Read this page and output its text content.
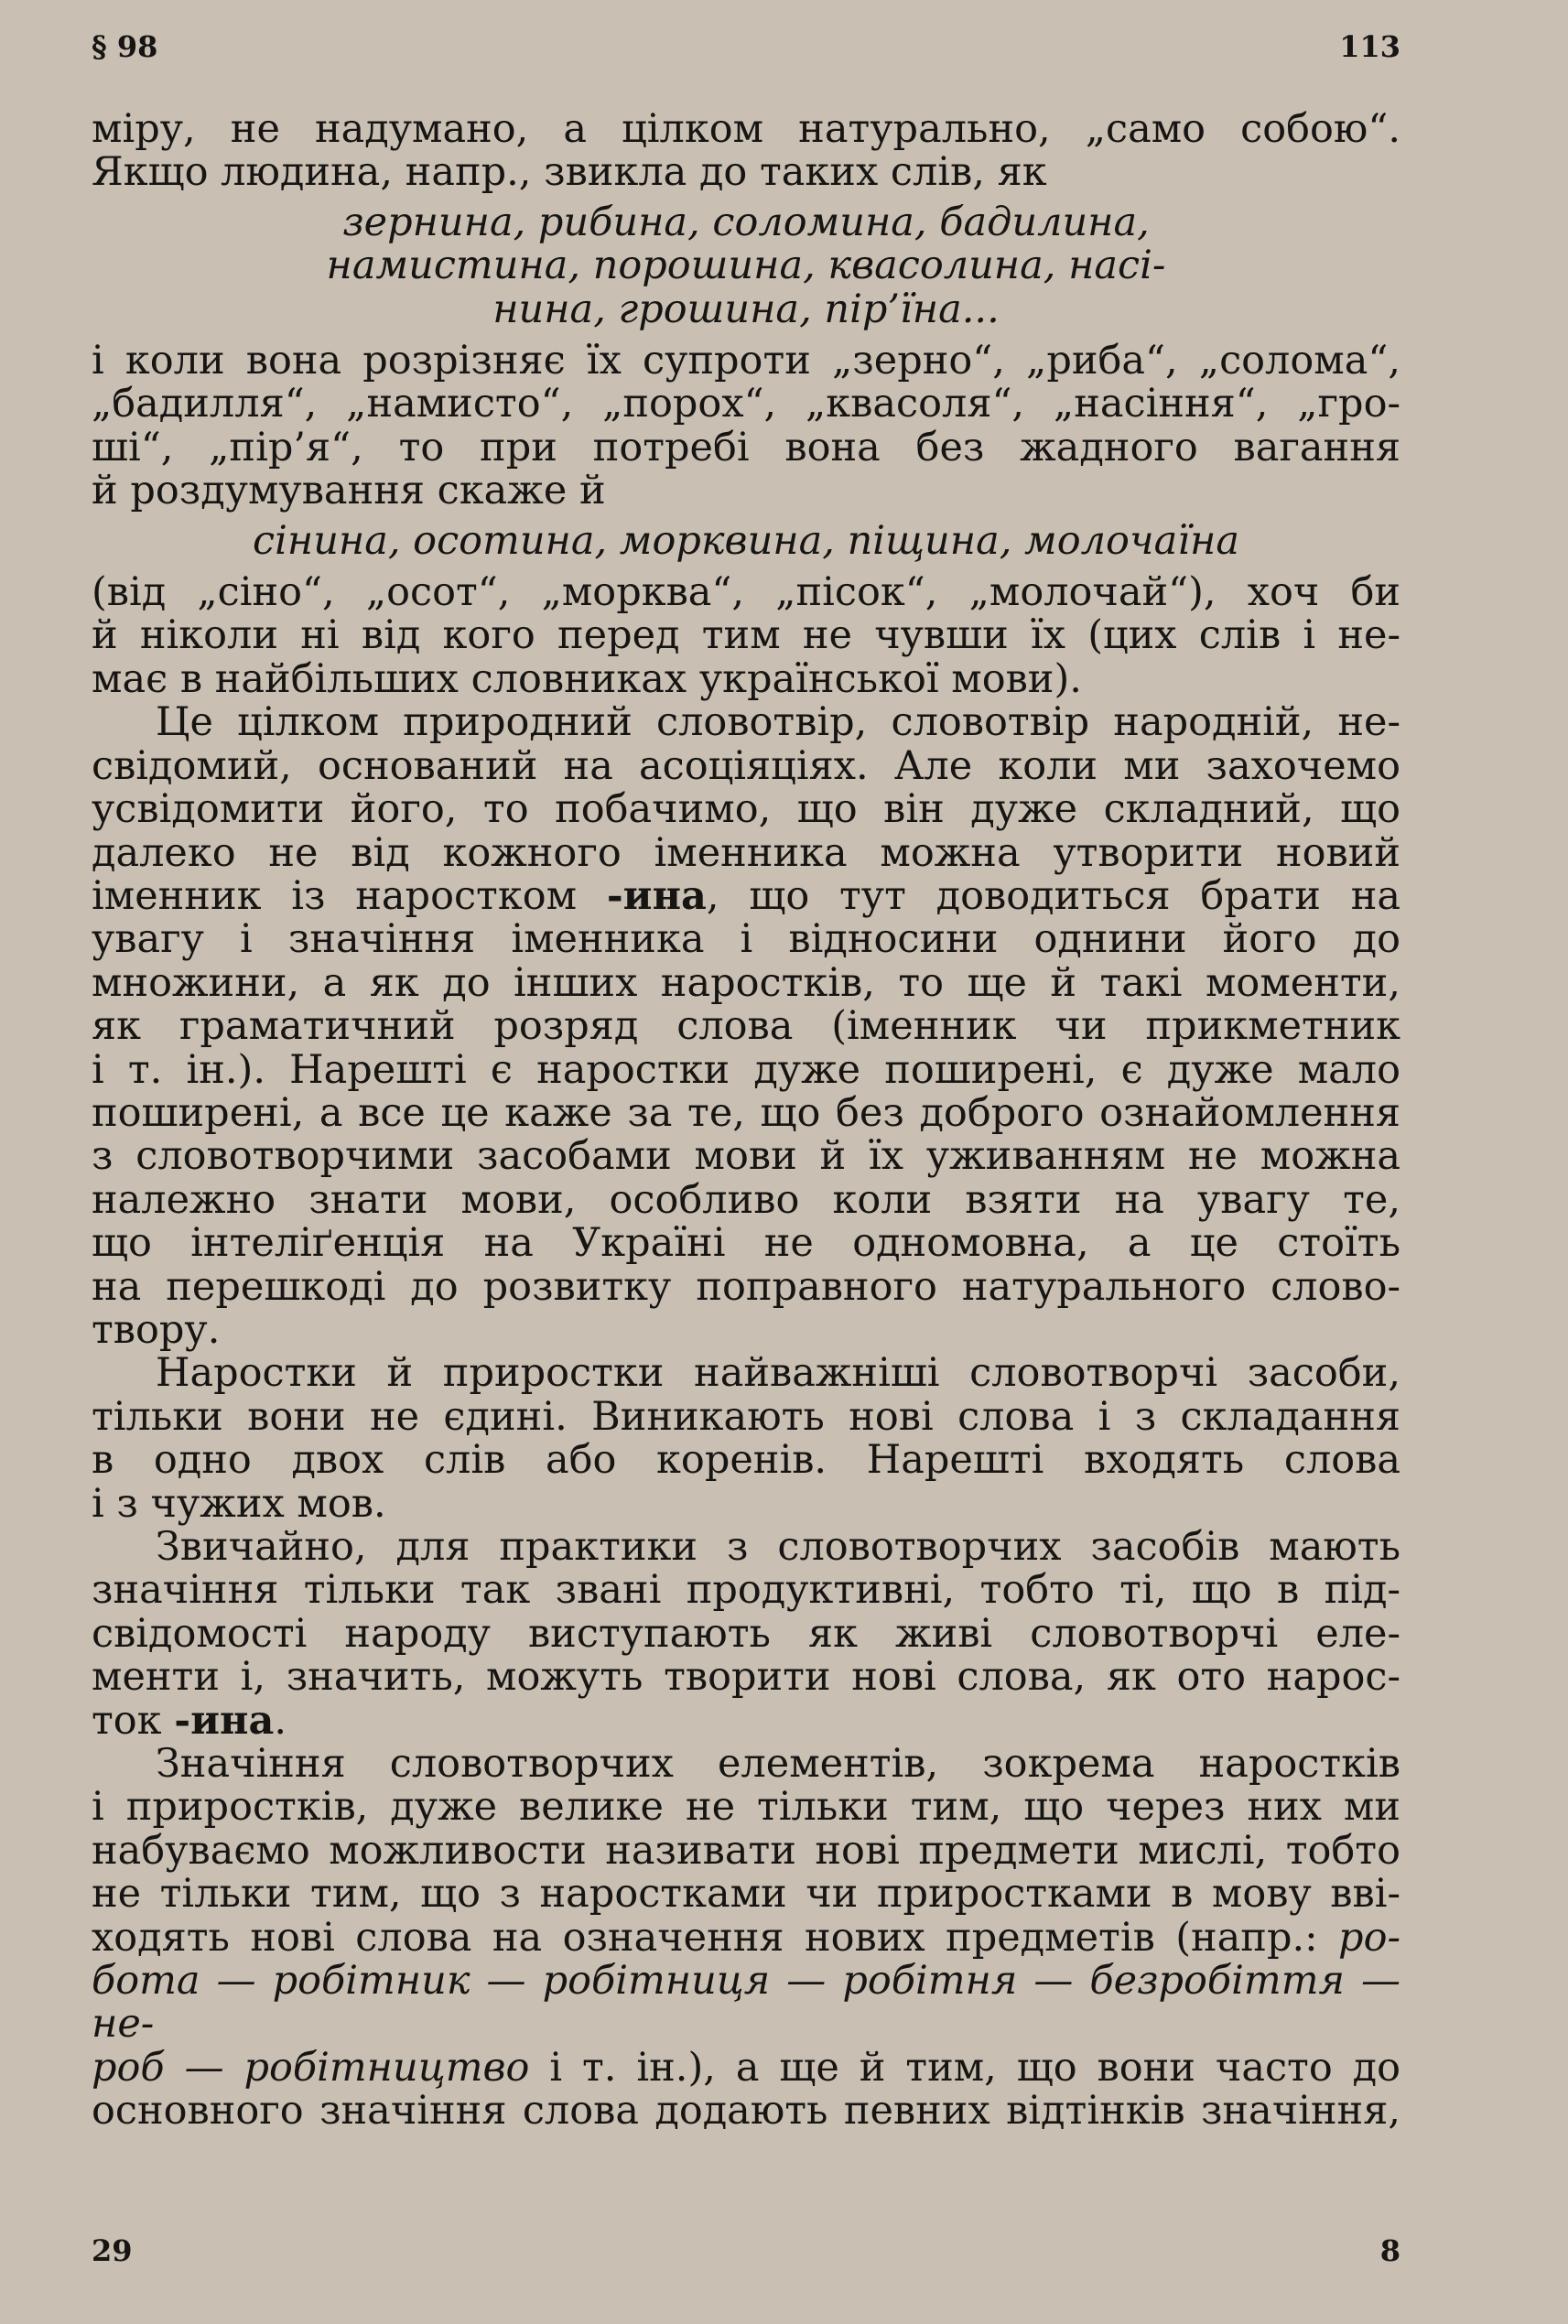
§ 98	113

міру, не надумано, а цілком натурально, „само собою“.

Якщо людина, напр., звикла до таких слів, як

зернина, рибина, соломина, бадилина,
намистина, порошина, квасолина, насі-
нина, грошина, пір’їна...

і коли вона розрізняє їх супроти „зерно“, „риба“, „солома“,

„бадилля“, „намисто“, „порох“, „квасоля“, „насіння“, „гро-

ші“, „пір’я“, то при потребі вона без жадного вагання

й роздумування скаже й

сінина, осотина, морквина, піщина, молочаїна

(від „сіно“, „осот“, „морква“, „пісок“, „молочай“), хоч би

й ніколи ні від кого перед тим не чувши їх (цих слів і не-

має в найбільших словниках української мови).

Це цілком природний словотвір, словотвір народній, не-

свідомий, оснований на асоціяціях. Але коли ми захочемо

усвідомити його, то побачимо, що він дуже складний, що

далеко не від кожного іменника можна утворити новий

іменник із наростком -ина, що тут доводиться брати на

увагу і значіння іменника і відносини однини його до

множини, а як до інших наростків, то ще й такі моменти,

як граматичний розряд слова (іменник чи прикметник

і т. ін.). Нарешті є наростки дуже поширені, є дуже мало

поширені, а все це каже за те, що без доброго ознайомлення

з словотворчими засобами мови й їх уживанням не можна

належно знати мови, особливо коли взяти на увагу те,

що інтеліґенція на Україні не одномовна, а це стоїть

на перешкоді до розвитку поправного натурального слово-

твору.

Наростки й приростки найважніші словотворчі засоби,

тільки вони не єдині. Виникають нові слова і з складання

в одно двох слів або коренів. Нарешті входять слова

і з чужих мов.

Звичайно, для практики з словотворчих засобів мають

значіння тільки так звані продуктивні, тобто ті, що в під-

свідомості народу виступають як живі словотворчі еле-

менти і, значить, можуть творити нові слова, як ото нарос-

ток -ина.

Значіння словотворчих елементів, зокрема наростків

і приростків, дуже велике не тільки тим, що через них ми

набуваємо можливости називати нові предмети мислі, тобто

не тільки тим, що з наростками чи приростками в мову вві-

ходять нові слова на означення нових предметів (напр.: ро-

бота — робітник — робітниця — робітня — безробіття — не-

роб — робітництво і т. ін.), а ще й тим, що вони часто до

основного значіння слова додають певних відтінків значіння,

29	8
